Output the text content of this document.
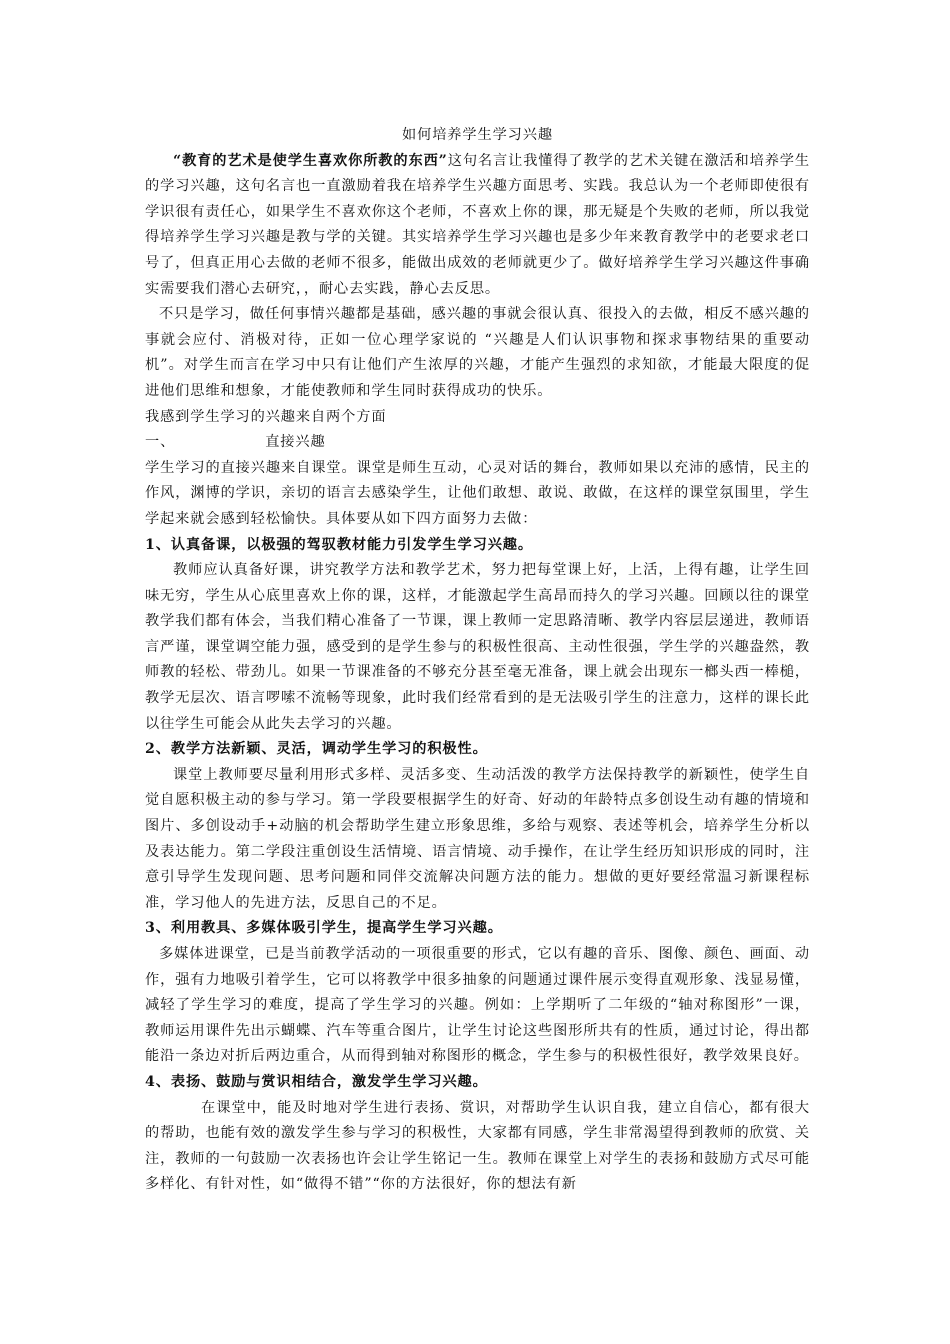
如何培养学生学习兴趣

“教育的艺术是使学生喜欢你所教的东西”这句名言让我懂得了教学的艺术关键在激活和培养学生的学习兴趣，这句名言也一直激励着我在培养学生兴趣方面思考、实践。我总认为一个老师即使很有学识很有责任心，如果学生不喜欢你这个老师，不喜欢上你的课，那无疑是个失败的老师，所以我觉得培养学生学习兴趣是教与学的关键。其实培养学生学习兴趣也是多少年来教育教学中的老要求老口号了，但真正用心去做的老师不很多，能做出成效的老师就更少了。做好培养学生学习兴趣这件事确实需要我们潜心去研究，，耐心去实践，静心去反思。

不只是学习，做任何事情兴趣都是基础，感兴趣的事就会很认真、很投入的去做，相反不感兴趣的事就会应付、消极对待，正如一位心理学家说的 “兴趣是人们认识事物和探求事物结果的重要动机”。对学生而言在学习中只有让他们产生浓厚的兴趣，才能产生强烈的求知欲，才能最大限度的促进他们思维和想象，才能使教师和学生同时获得成功的快乐。

我感到学生学习的兴趣来自两个方面

一、	直接兴趣

学生学习的直接兴趣来自课堂。课堂是师生互动，心灵对话的舞台，教师如果以充沛的感情，民主的作风，渊博的学识，亲切的语言去感染学生，让他们敢想、敢说、敢做，在这样的课堂氛围里，学生学起来就会感到轻松愉快。具体要从如下四方面努力去做：

1、认真备课，以极强的驾驭教材能力引发学生学习兴趣。

教师应认真备好课，讲究教学方法和教学艺术，努力把每堂课上好，上活，上得有趣，让学生回味无穷，学生从心底里喜欢上你的课，这样，才能激起学生高昂而持久的学习兴趣。回顾以往的课堂教学我们都有体会，当我们精心准备了一节课，课上教师一定思路清晰、教学内容层层递进，教师语言严谨，课堂调空能力强，感受到的是学生参与的积极性很高、主动性很强，学生学的兴趣盎然，教师教的轻松、带劲儿。如果一节课准备的不够充分甚至毫无准备，课上就会出现东一榔头西一棒槌，教学无层次、语言啰嗦不流畅等现象，此时我们经常看到的是无法吸引学生的注意力，这样的课长此以往学生可能会从此失去学习的兴趣。

2、教学方法新颖、灵活，调动学生学习的积极性。

课堂上教师要尽量利用形式多样、灵活多变、生动活泼的教学方法保持教学的新颖性，使学生自觉自愿积极主动的参与学习。第一学段要根据学生的好奇、好动的年龄特点多创设生动有趣的情境和图片、多创设动手+动脑的机会帮助学生建立形象思维，多给与观察、表述等机会，培养学生分析以及表达能力。第二学段注重创设生活情境、语言情境、动手操作，在让学生经历知识形成的同时，注意引导学生发现问题、思考问题和同伴交流解决问题方法的能力。想做的更好要经常温习新课程标准，学习他人的先进方法，反思自己的不足。

3、利用教具、多媒体吸引学生，提高学生学习兴趣。

多媒体进课堂，已是当前教学活动的一项很重要的形式，它以有趣的音乐、图像、颜色、画面、动作，强有力地吸引着学生，它可以将教学中很多抽象的问题通过课件展示变得直观形象、浅显易懂，减轻了学生学习的难度，提高了学生学习的兴趣。例如：上学期听了二年级的“轴对称图形”一课，教师运用课件先出示蝴蝶、汽车等重合图片，让学生讨论这些图形所共有的性质，通过讨论，得出都能沿一条边对折后两边重合，从而得到轴对称图形的概念，学生参与的积极性很好，教学效果良好。

4、表扬、鼓励与赏识相结合，激发学生学习兴趣。

在课堂中，能及时地对学生进行表扬、赏识，对帮助学生认识自我，建立自信心，都有很大的帮助，也能有效的激发学生参与学习的积极性，大家都有同感，学生非常渴望得到教师的欣赏、关注，教师的一句鼓励一次表扬也许会让学生铭记一生。教师在课堂上对学生的表扬和鼓励方式尽可能多样化、有针对性，如“做得不错”“你的方法很好，你的想法有新
